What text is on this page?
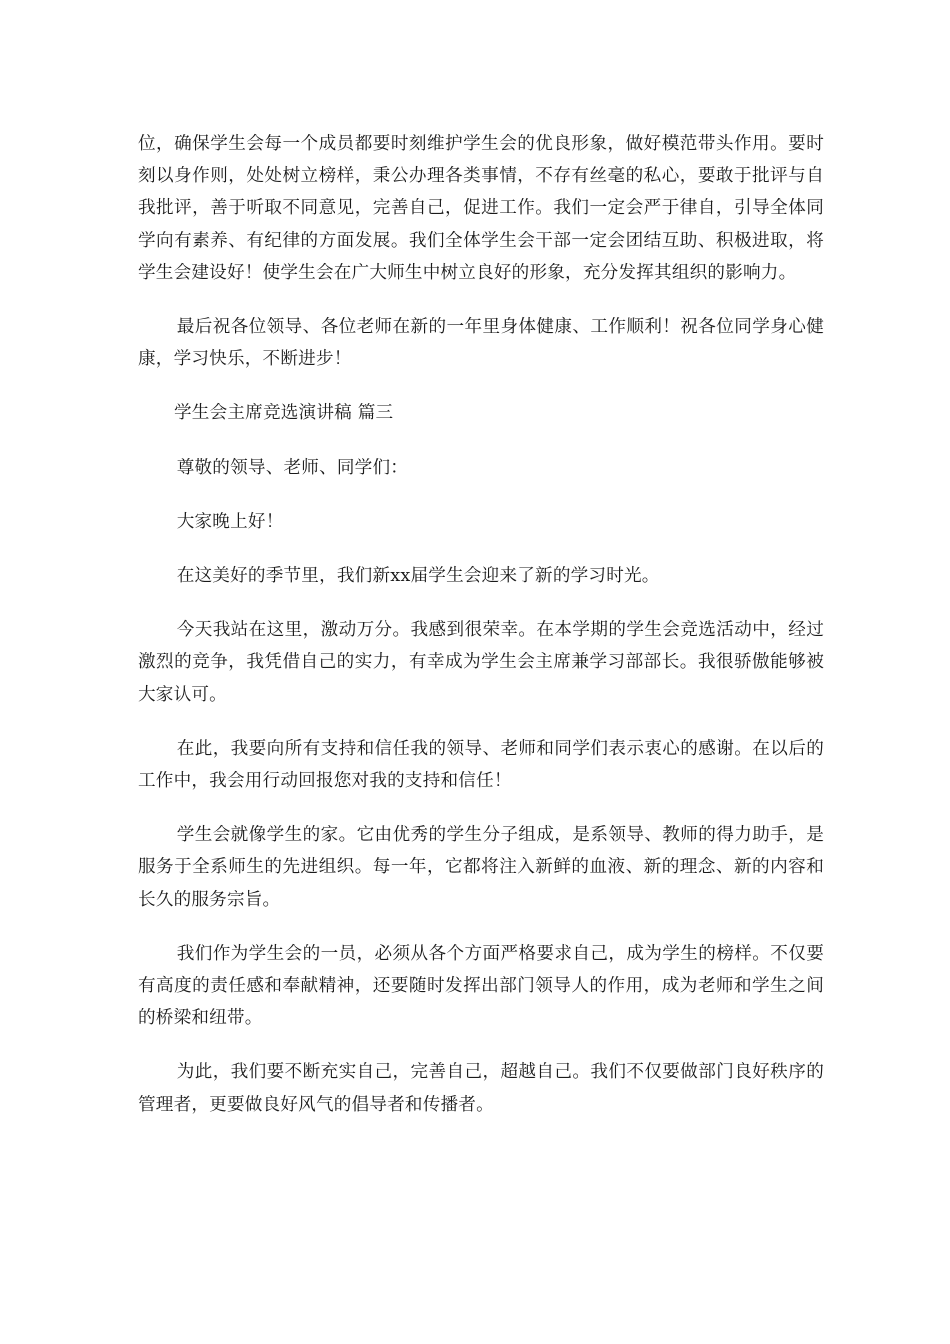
位，确保学生会每一个成员都要时刻维护学生会的优良形象，做好模范带头作用。要时刻以身作则，处处树立榜样，秉公办理各类事情，不存有丝毫的私心，要敢于批评与自我批评，善于听取不同意见，完善自己，促进工作。我们一定会严于律自，引导全体同学向有素养、有纪律的方面发展。我们全体学生会干部一定会团结互助、积极进取，将学生会建设好！使学生会在广大师生中树立良好的形象，充分发挥其组织的影响力。

最后祝各位领导、各位老师在新的一年里身体健康、工作顺利！祝各位同学身心健康，学习快乐，不断进步！

学生会主席竞选演讲稿 篇三

尊敬的领导、老师、同学们：

大家晚上好！

在这美好的季节里，我们新xx届学生会迎来了新的学习时光。

今天我站在这里，激动万分。我感到很荣幸。在本学期的学生会竞选活动中，经过激烈的竞争，我凭借自己的实力，有幸成为学生会主席兼学习部部长。我很骄傲能够被大家认可。

在此，我要向所有支持和信任我的领导、老师和同学们表示衷心的感谢。在以后的工作中，我会用行动回报您对我的支持和信任！

学生会就像学生的家。它由优秀的学生分子组成，是系领导、教师的得力助手，是服务于全系师生的先进组织。每一年，它都将注入新鲜的血液、新的理念、新的内容和长久的服务宗旨。

我们作为学生会的一员，必须从各个方面严格要求自己，成为学生的榜样。不仅要有高度的责任感和奉献精神，还要随时发挥出部门领导人的作用，成为老师和学生之间的桥梁和纽带。

为此，我们要不断充实自己，完善自己，超越自己。我们不仅要做部门良好秩序的管理者，更要做良好风气的倡导者和传播者。
